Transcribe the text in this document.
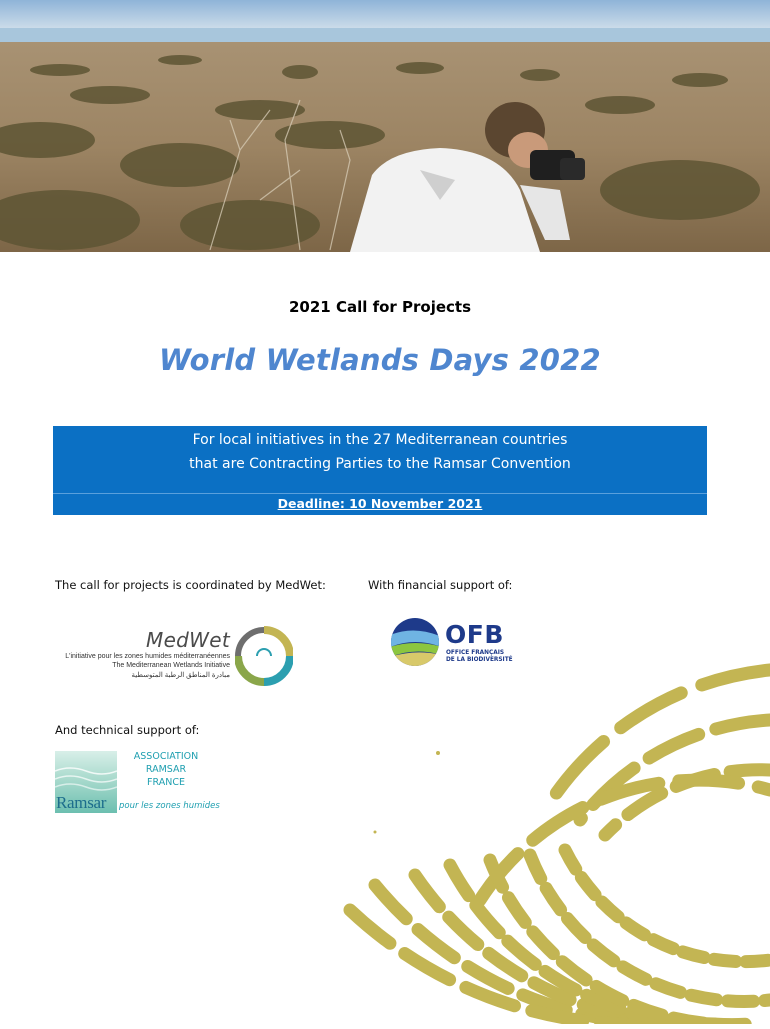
2021 Call for Projects
World Wetlands Days 2022
For local initiatives in the 27 Mediterranean countries
that are Contracting Parties to the Ramsar Convention
Deadline: 10 November 2021
The call for projects is coordinated by MedWet:	With financial support of:
MedWet
L'initiative pour les zones humides méditerranéennes
The Mediterranean Wetlands Initiative
مبادرة المناطق الرطبة المتوسطية
OFB
OFFICE FRANÇAIS
DE LA BIODIVERSITÉ
And technical support of:
Ramsar
ASSOCIATION
RAMSAR
FRANCE
pour les zones humides
